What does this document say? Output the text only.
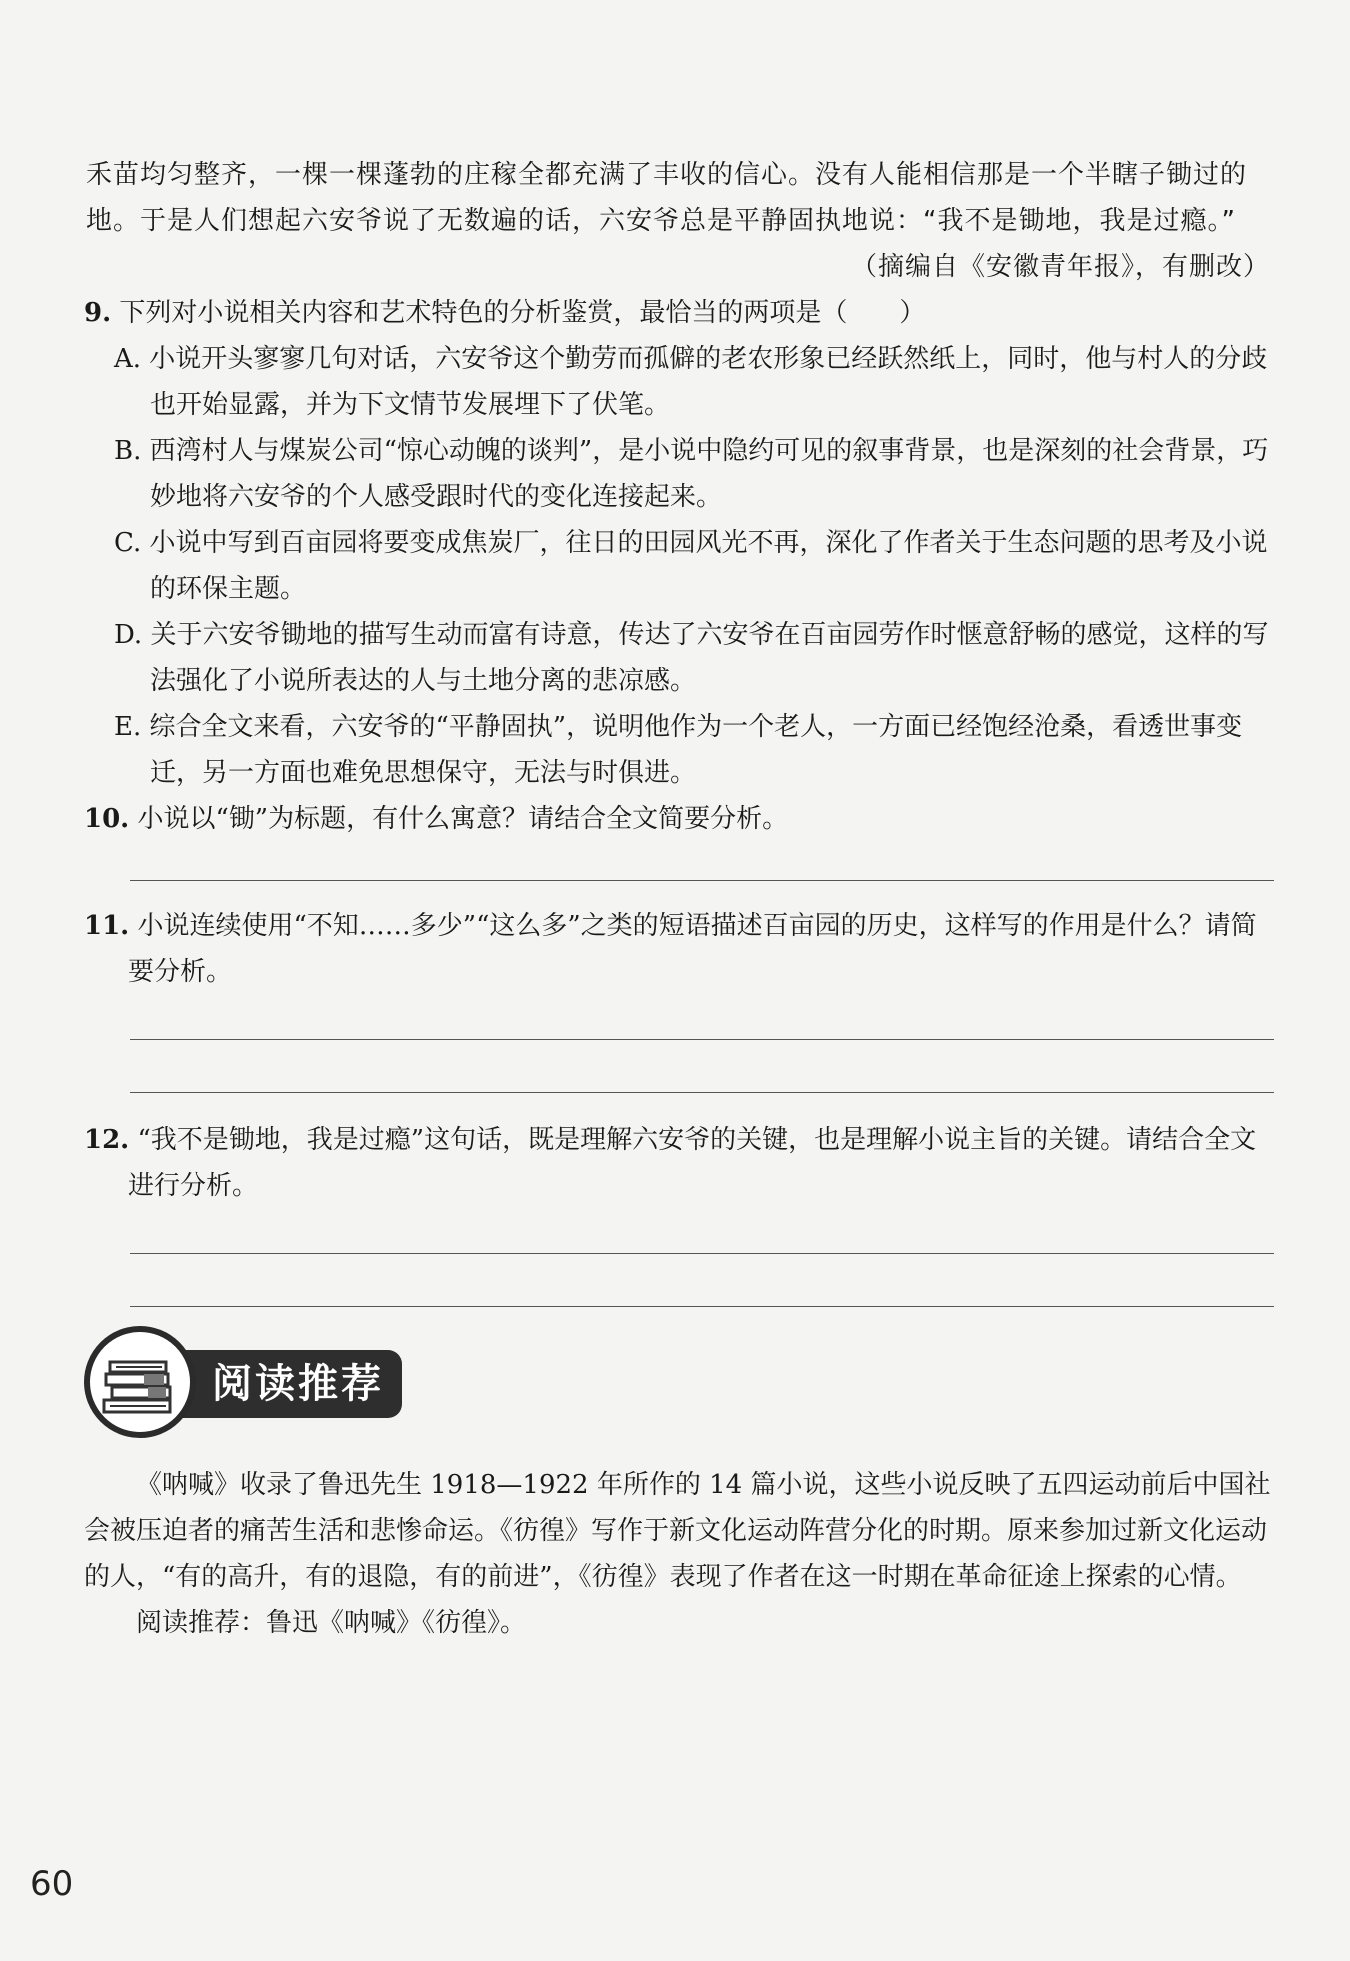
禾苗均匀整齐，一棵一棵蓬勃的庄稼全都充满了丰收的信心。没有人能相信那是一个半瞎子锄过的

地。于是人们想起六安爷说了无数遍的话，六安爷总是平静固执地说：“我不是锄地，我是过瘾。”

（摘编自《安徽青年报》，有删改）

9. 下列对小说相关内容和艺术特色的分析鉴赏，最恰当的两项是（　　）

A. 小说开头寥寥几句对话，六安爷这个勤劳而孤僻的老农形象已经跃然纸上，同时，他与村人的分歧也开始显露，并为下文情节发展埋下了伏笔。

B. 西湾村人与煤炭公司“惊心动魄的谈判”，是小说中隐约可见的叙事背景，也是深刻的社会背景，巧妙地将六安爷的个人感受跟时代的变化连接起来。

C. 小说中写到百亩园将要变成焦炭厂，往日的田园风光不再，深化了作者关于生态问题的思考及小说的环保主题。

D. 关于六安爷锄地的描写生动而富有诗意，传达了六安爷在百亩园劳作时惬意舒畅的感觉，这样的写法强化了小说所表达的人与土地分离的悲凉感。

E. 综合全文来看，六安爷的“平静固执”，说明他作为一个老人，一方面已经饱经沧桑，看透世事变迁，另一方面也难免思想保守，无法与时俱进。

10. 小说以“锄”为标题，有什么寓意？请结合全文简要分析。

11. 小说连续使用“不知……多少”“这么多”之类的短语描述百亩园的历史，这样写的作用是什么？请简要分析。

12. “我不是锄地，我是过瘾”这句话，既是理解六安爷的关键，也是理解小说主旨的关键。请结合全文进行分析。

阅读推荐

《呐喊》收录了鲁迅先生 1918—1922 年所作的 14 篇小说，这些小说反映了五四运动前后中国社会被压迫者的痛苦生活和悲惨命运。《彷徨》写作于新文化运动阵营分化的时期。原来参加过新文化运动的人，“有的高升，有的退隐，有的前进”，《彷徨》表现了作者在这一时期在革命征途上探索的心情。

阅读推荐：鲁迅《呐喊》《彷徨》。

60
